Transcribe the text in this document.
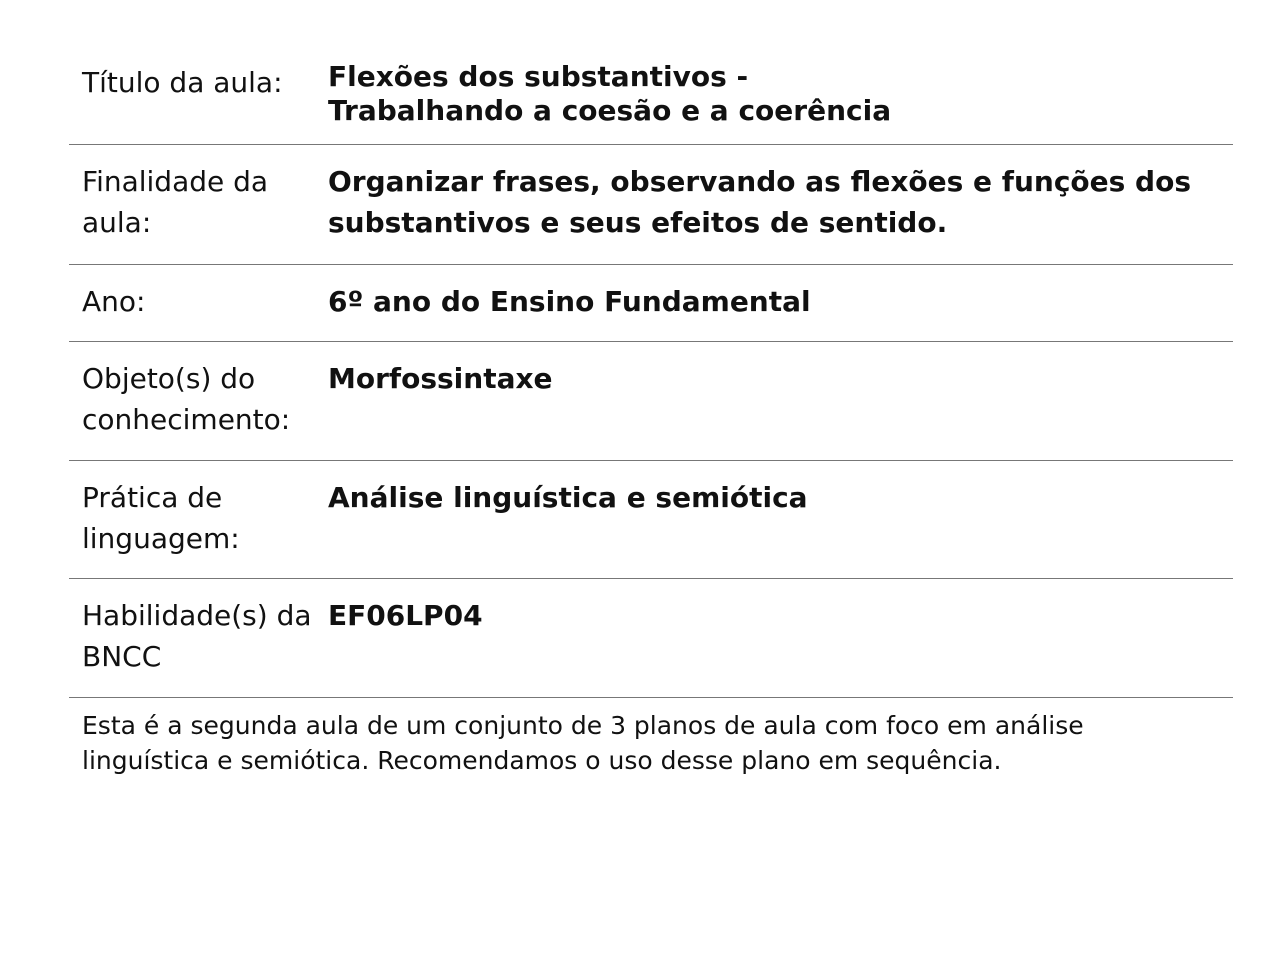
Título da aula:	Flexões dos substantivos -
Trabalhando a coesão e a coerência
Finalidade da aula:
Organizar frases, observando as flexões e funções dos substantivos e seus efeitos de sentido.
Ano:	6º ano do Ensino Fundamental
Objeto(s) do conhecimento:
Morfossintaxe
Prática de linguagem:
Análise linguística e semiótica
Habilidade(s) da BNCC
EF06LP04
Esta é a segunda aula de um conjunto de 3 planos de aula com foco em análise linguística e semiótica. Recomendamos o uso desse plano em sequência.
